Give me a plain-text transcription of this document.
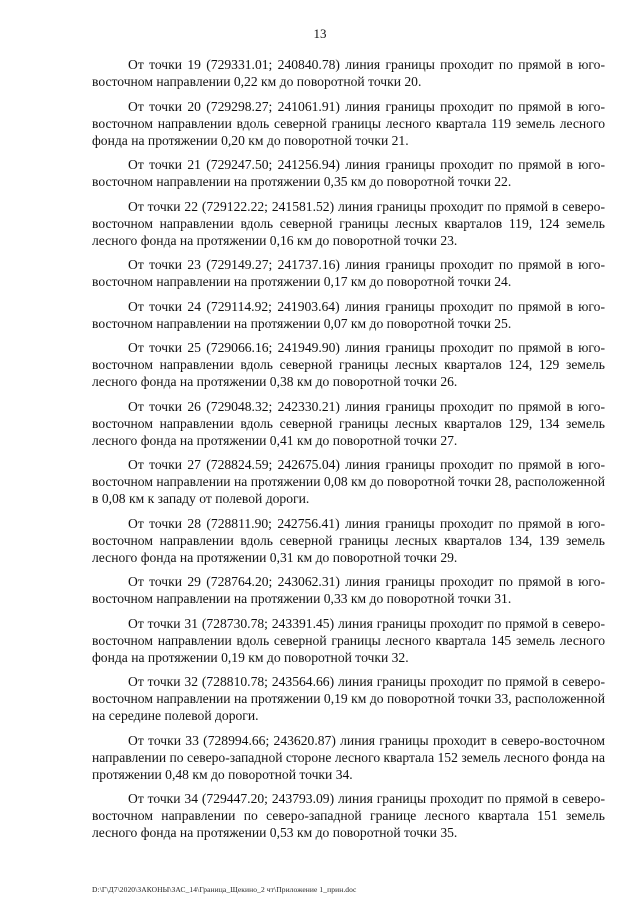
13

От точки 19 (729331.01; 240840.78) линия границы проходит по прямой в юго-восточном направлении 0,22 км до поворотной точки 20.

От точки 20 (729298.27; 241061.91) линия границы проходит по прямой в юго-восточном направлении вдоль северной границы лесного квартала 119 земель лесного фонда на протяжении 0,20 км до поворотной точки 21.

От точки 21 (729247.50; 241256.94) линия границы проходит по прямой в юго-восточном направлении на протяжении 0,35 км до поворотной точки 22.

От точки 22 (729122.22; 241581.52) линия границы проходит по прямой в северо-восточном направлении вдоль северной границы лесных кварталов 119, 124 земель лесного фонда на протяжении 0,16 км до поворотной точки 23.

От точки 23 (729149.27; 241737.16) линия границы проходит по прямой в юго-восточном направлении на протяжении 0,17 км до поворотной точки 24.

От точки 24 (729114.92; 241903.64) линия границы проходит по прямой в юго-восточном направлении на протяжении 0,07 км до поворотной точки 25.

От точки 25 (729066.16; 241949.90) линия границы проходит по прямой в юго-восточном направлении вдоль северной границы лесных кварталов 124, 129 земель лесного фонда на протяжении 0,38 км до поворотной точки 26.

От точки 26 (729048.32; 242330.21) линия границы проходит по прямой в юго-восточном направлении вдоль северной границы лесных кварталов 129, 134 земель лесного фонда на протяжении 0,41 км до поворотной точки 27.

От точки 27 (728824.59; 242675.04) линия границы проходит по прямой в юго-восточном направлении на протяжении 0,08 км до поворотной точки 28, расположенной в 0,08 км к западу от полевой дороги.

От точки 28 (728811.90; 242756.41) линия границы проходит по прямой в юго-восточном направлении вдоль северной границы лесных кварталов 134, 139 земель лесного фонда на протяжении 0,31 км до поворотной точки 29.

От точки 29 (728764.20; 243062.31) линия границы проходит по прямой в юго-восточном направлении на протяжении 0,33 км до поворотной точки 31.

От точки 31 (728730.78; 243391.45) линия границы проходит по прямой в северо-восточном направлении вдоль северной границы лесного квартала 145 земель лесного фонда на протяжении 0,19 км до поворотной точки 32.

От точки 32 (728810.78; 243564.66) линия границы проходит по прямой в северо-восточном направлении на протяжении 0,19 км до поворотной точки 33, расположенной на середине полевой дороги.

От точки 33 (728994.66; 243620.87) линия границы проходит в северо-восточном направлении по северо-западной стороне лесного квартала 152 земель лесного фонда на протяжении 0,48 км до поворотной точки 34.

От точки 34 (729447.20; 243793.09) линия границы проходит по прямой в северо-восточном направлении по северо-западной границе лесного квартала 151 земель лесного фонда на протяжении 0,53 км до поворотной точки 35.

D:\Г\Д7\2020\ЗАКОНЫ\ЗАС_14\Граница_Щекино_2 чт\Приложение 1_прин.doc
